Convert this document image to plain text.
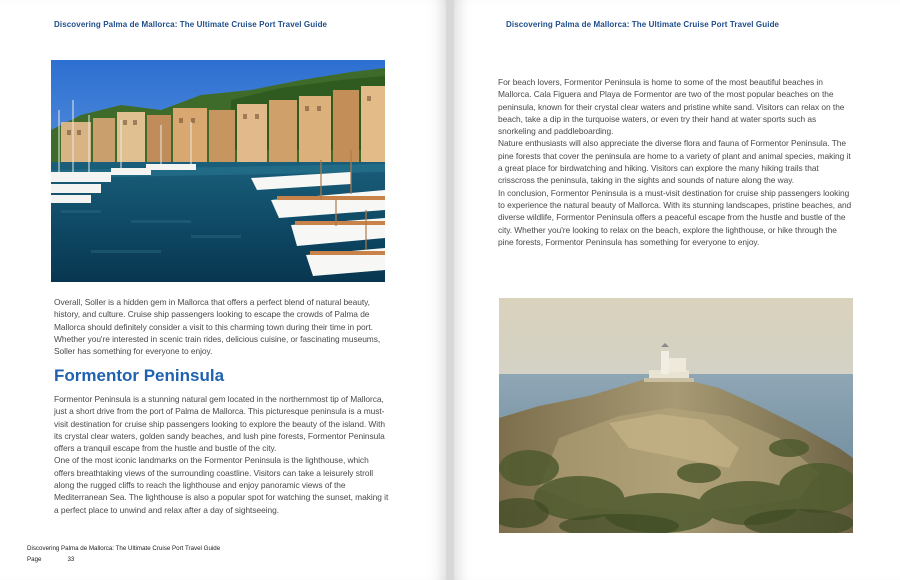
Discovering Palma de Mallorca: The Ultimate Cruise Port Travel Guide

Overall, Soller is a hidden gem in Mallorca that offers a perfect blend of natural beauty, history, and culture. Cruise ship passengers looking to escape the crowds of Palma de Mallorca should definitely consider a visit to this charming town during their time in port. Whether you're interested in scenic train rides, delicious cuisine, or fascinating museums, Soller has something for everyone to enjoy.

Formentor Peninsula

Formentor Peninsula is a stunning natural gem located in the northernmost tip of Mallorca, just a short drive from the port of Palma de Mallorca. This picturesque peninsula is a must-visit destination for cruise ship passengers looking to explore the beauty of the island. With its crystal clear waters, golden sandy beaches, and lush pine forests, Formentor Peninsula offers a tranquil escape from the hustle and bustle of the city.

One of the most iconic landmarks on the Formentor Peninsula is the lighthouse, which offers breathtaking views of the surrounding coastline. Visitors can take a leisurely stroll along the rugged cliffs to reach the lighthouse and enjoy panoramic views of the Mediterranean Sea. The lighthouse is also a popular spot for watching the sunset, making it a perfect place to unwind and relax after a day of sightseeing.

Discovering Palma de Mallorca: The Ultimate Cruise Port Travel Guide
Page	33
Discovering Palma de Mallorca: The Ultimate Cruise Port Travel Guide

For beach lovers, Formentor Peninsula is home to some of the most beautiful beaches in Mallorca. Cala Figuera and Playa de Formentor are two of the most popular beaches on the peninsula, known for their crystal clear waters and pristine white sand. Visitors can relax on the beach, take a dip in the turquoise waters, or even try their hand at water sports such as snorkeling and paddleboarding.

Nature enthusiasts will also appreciate the diverse flora and fauna of Formentor Peninsula. The pine forests that cover the peninsula are home to a variety of plant and animal species, making it a great place for birdwatching and hiking. Visitors can explore the many hiking trails that crisscross the peninsula, taking in the sights and sounds of nature along the way.

In conclusion, Formentor Peninsula is a must-visit destination for cruise ship passengers looking to experience the natural beauty of Mallorca. With its stunning landscapes, pristine beaches, and diverse wildlife, Formentor Peninsula offers a peaceful escape from the hustle and bustle of the city. Whether you're looking to relax on the beach, explore the lighthouse, or hike through the pine forests, Formentor Peninsula has something for everyone to enjoy.
